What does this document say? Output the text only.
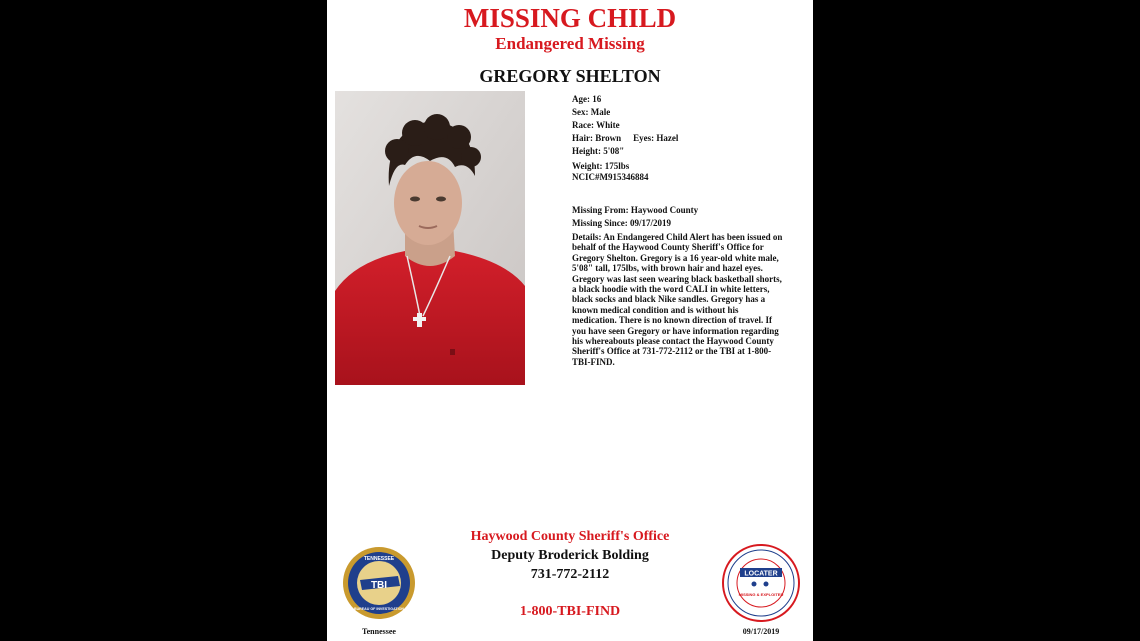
MISSING CHILD
Endangered Missing
GREGORY SHELTON
Age: 16
Sex: Male
Race: White
Hair: Brown Eyes: Hazel
Height: 5'08"
Weight: 175lbs
NCIC#M915346884
Missing From: Haywood County
Missing Since: 09/17/2019
Details: An Endangered Child Alert has been issued on
behalf of the Haywood County Sheriff's Office for
Gregory Shelton. Gregory is a 16 year-old white male,
5'08" tall, 175lbs, with brown hair and hazel eyes.
Gregory was last seen wearing black basketball shorts,
a black hoodie with the word CALI in white letters,
black socks and black Nike sandles. Gregory has a
known medical condition and is without his
medication. There is no known direction of travel. If
you have seen Gregory or have information regarding
his whereabouts please contact the Haywood County
Sheriff's Office at 731-772-2112 or the TBI at 1-800-
TBI-FIND.
Haywood County Sheriff's Office
Deputy Broderick Bolding
731-772-2112
1-800-TBI-FIND
TBI
TENNESSEE
BUREAU OF INVESTIGATION
Tennessee
LOCATER
MISSING & EXPLOITED
09/17/2019
